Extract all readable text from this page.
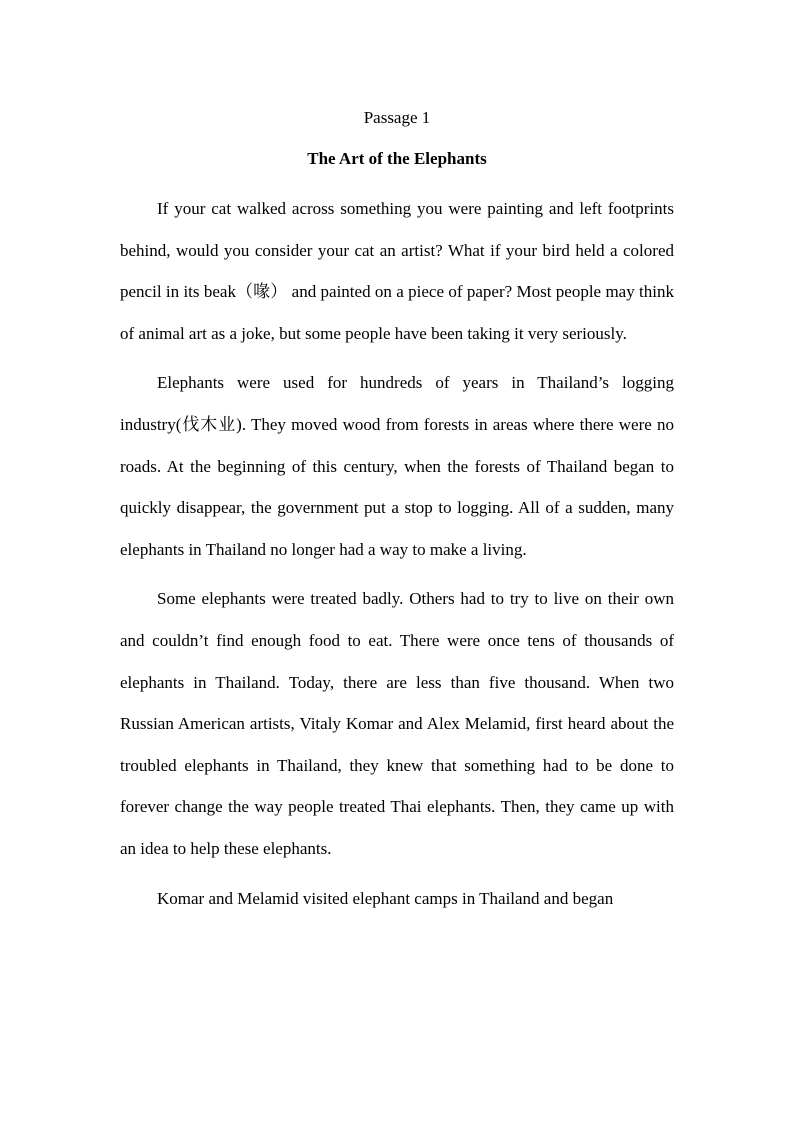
Passage 1
The Art of the Elephants

If your cat walked across something you were painting and left footprints behind, would you consider your cat an artist? What if your bird held a colored pencil in its beak（喙） and painted on a piece of paper? Most people may think of animal art as a joke, but some people have been taking it very seriously.

Elephants were used for hundreds of years in Thailand’s logging industry(伐木业). They moved wood from forests in areas where there were no roads. At the beginning of this century, when the forests of Thailand began to quickly disappear, the government put a stop to logging. All of a sudden, many elephants in Thailand no longer had a way to make a living.

Some elephants were treated badly. Others had to try to live on their own and couldn’t find enough food to eat. There were once tens of thousands of elephants in Thailand. Today, there are less than five thousand. When two Russian American artists, Vitaly Komar and Alex Melamid, first heard about the troubled elephants in Thailand, they knew that something had to be done to forever change the way people treated Thai elephants. Then, they came up with an idea to help these elephants.

Komar and Melamid visited elephant camps in Thailand and began
